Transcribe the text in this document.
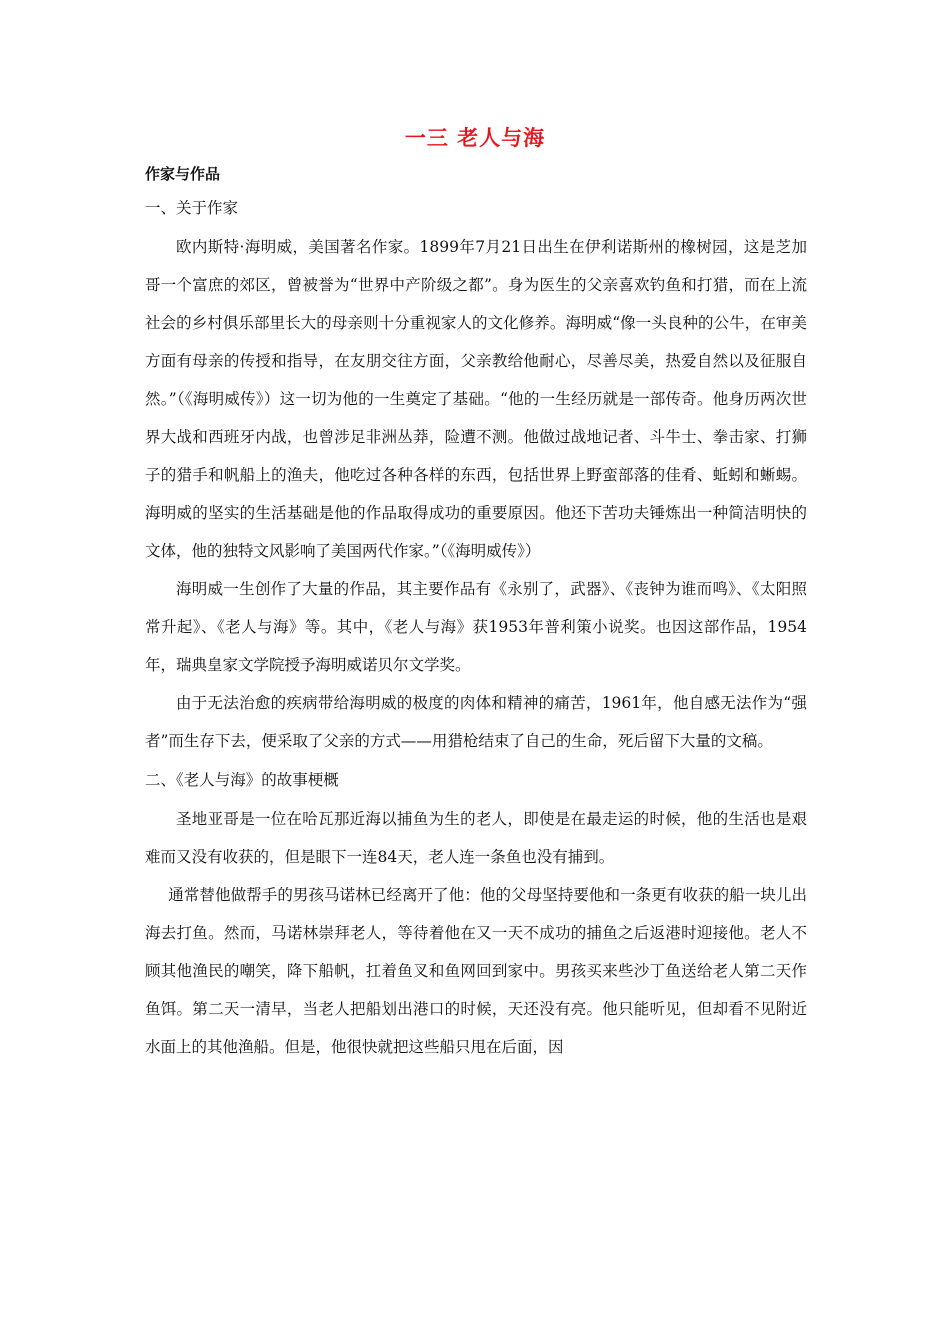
一三 老人与海
作家与作品
一、关于作家

欧内斯特·海明威，美国著名作家。1899年7月21日出生在伊利诺斯州的橡树园，这是芝加哥一个富庶的郊区，曾被誉为“世界中产阶级之都”。身为医生的父亲喜欢钓鱼和打猎，而在上流社会的乡村俱乐部里长大的母亲则十分重视家人的文化修养。海明威“像一头良种的公牛，在审美方面有母亲的传授和指导，在友朋交往方面，父亲教给他耐心，尽善尽美，热爱自然以及征服自然。”（《海明威传》）这一切为他的一生奠定了基础。“他的一生经历就是一部传奇。他身历两次世界大战和西班牙内战，也曾涉足非洲丛莽，险遭不测。他做过战地记者、斗牛士、拳击家、打狮子的猎手和帆船上的渔夫，他吃过各种各样的东西，包括世界上野蛮部落的佳肴、蚯蚓和蜥蜴。海明威的坚实的生活基础是他的作品取得成功的重要原因。他还下苦功夫锤炼出一种简洁明快的文体，他的独特文风影响了美国两代作家。”（《海明威传》）

海明威一生创作了大量的作品，其主要作品有《永别了，武器》、《丧钟为谁而鸣》、《太阳照常升起》、《老人与海》等。其中，《老人与海》获1953年普利策小说奖。也因这部作品，1954年，瑞典皇家文学院授予海明威诺贝尔文学奖。

由于无法治愈的疾病带给海明威的极度的肉体和精神的痛苦，1961年，他自感无法作为“强者”而生存下去，便采取了父亲的方式——用猎枪结束了自己的生命，死后留下大量的文稿。

二、《老人与海》的故事梗概

圣地亚哥是一位在哈瓦那近海以捕鱼为生的老人，即使是在最走运的时候，他的生活也是艰难而又没有收获的，但是眼下一连84天，老人连一条鱼也没有捕到。

通常替他做帮手的男孩马诺林已经离开了他：他的父母坚持要他和一条更有收获的船一块儿出海去打鱼。然而，马诺林崇拜老人，等待着他在又一天不成功的捕鱼之后返港时迎接他。老人不顾其他渔民的嘲笑，降下船帆，扛着鱼叉和鱼网回到家中。男孩买来些沙丁鱼送给老人第二天作鱼饵。第二天一清早，当老人把船划出港口的时候，天还没有亮。他只能听见，但却看不见附近水面上的其他渔船。但是，他很快就把这些船只甩在后面，因
